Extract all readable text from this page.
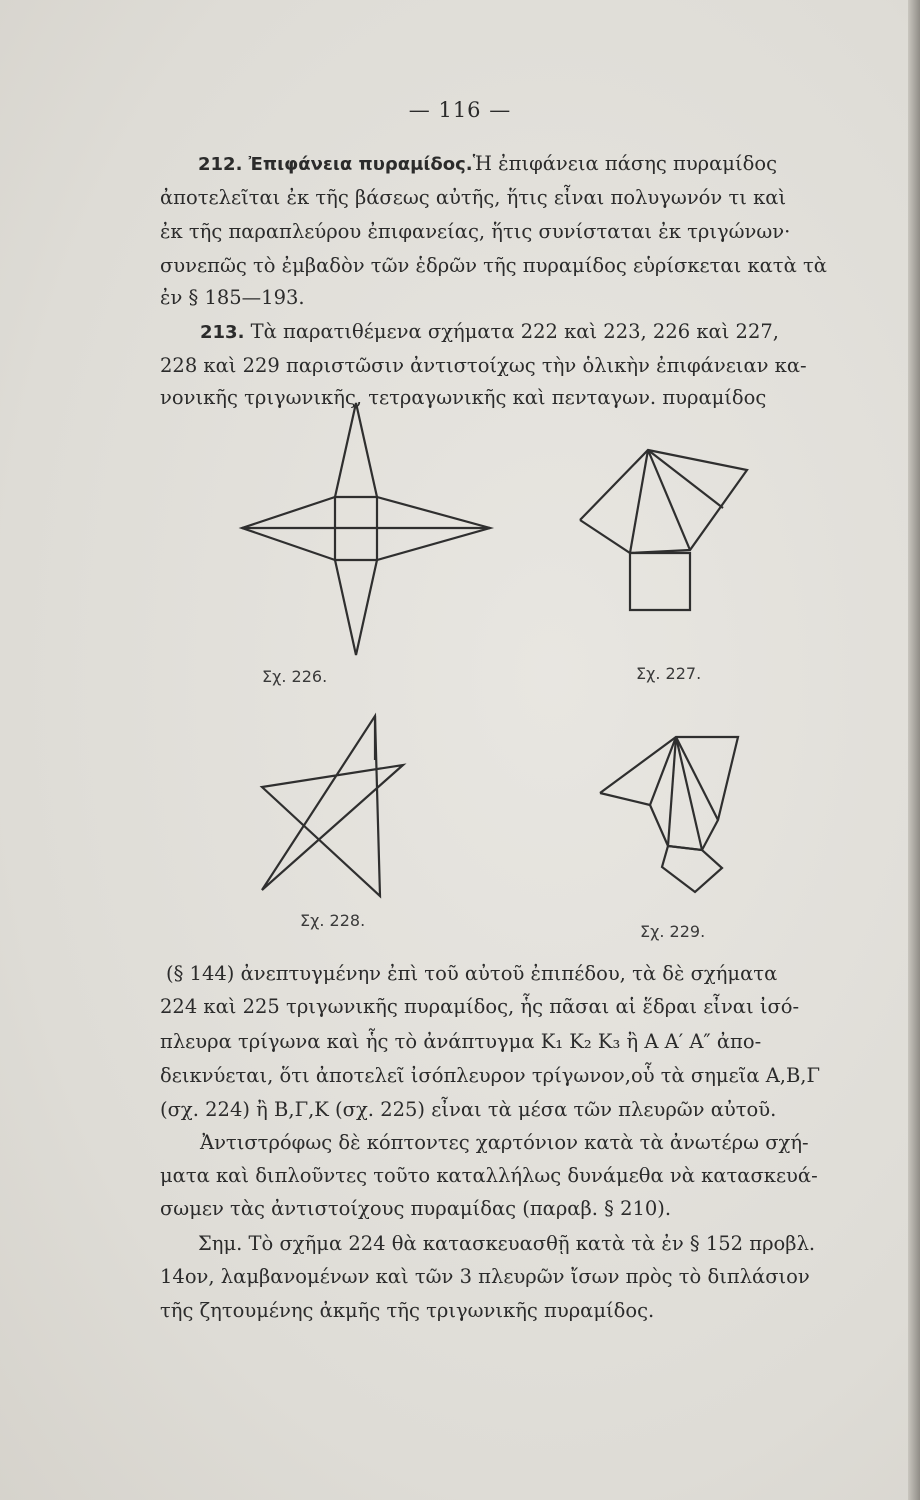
— 116 —
212. Ἐπιφάνεια πυραμίδος.Ἡ ἐπιφάνεια πάσης πυραμίδος
ἀποτελεῖται ἐκ τῆς βάσεως αὐτῆς, ἥτις εἶναι πολυγωνόν τι καὶ
ἐκ τῆς παραπλεύρου ἐπιφανείας, ἥτις συνίσταται ἐκ τριγώνων·
συνεπῶς τὸ ἐμβαδὸν τῶν ἑδρῶν τῆς πυραμίδος εὑρίσκεται κατὰ τὰ
ἐν § 185—193.
213. Τὰ παρατιθέμενα σχήματα 222 καὶ 223, 226 καὶ 227,
228 καὶ 229 παριστῶσιν ἀντιστοίχως τὴν ὁλικὴν ἐπιφάνειαν κα-
νονικῆς τριγωνικῆς, τετραγωνικῆς καὶ πενταγων. πυραμίδος
Σχ. 226.	Σχ. 227.
Σχ. 228.
Σχ. 229.
(§ 144) ἀνεπτυγμένην ἐπὶ τοῦ αὐτοῦ ἐπιπέδου, τὰ δὲ σχήματα
224 καὶ 225 τριγωνικῆς πυραμίδος, ἧς πᾶσαι αἱ ἕδραι εἶναι ἰσό-
πλευρα τρίγωνα καὶ ἧς τὸ ἀνάπτυγμα K₁ K₂ K₃ ἢ A A′ A″ ἀπο-
δεικνύεται, ὅτι ἀποτελεῖ ἰσόπλευρον τρίγωνον,οὗ τὰ σημεῖα A,B,Γ
(σχ. 224) ἢ B,Γ,K (σχ. 225) εἶναι τὰ μέσα τῶν πλευρῶν αὐτοῦ.
Ἀντιστρόφως δὲ κόπτοντες χαρτόνιον κατὰ τὰ ἀνωτέρω σχή-
ματα καὶ διπλοῦντες τοῦτο καταλλήλως δυνάμεθα νὰ κατασκευά-
σωμεν τὰς ἀντιστοίχους πυραμίδας (παραβ. § 210).
Σημ. Τὸ σχῆμα 224 θὰ κατασκευασθῇ κατὰ τὰ ἐν § 152 προβλ.
14ον, λαμβανομένων καὶ τῶν 3 πλευρῶν ἴσων πρὸς τὸ διπλάσιον
τῆς ζητουμένης ἀκμῆς τῆς τριγωνικῆς πυραμίδος.
